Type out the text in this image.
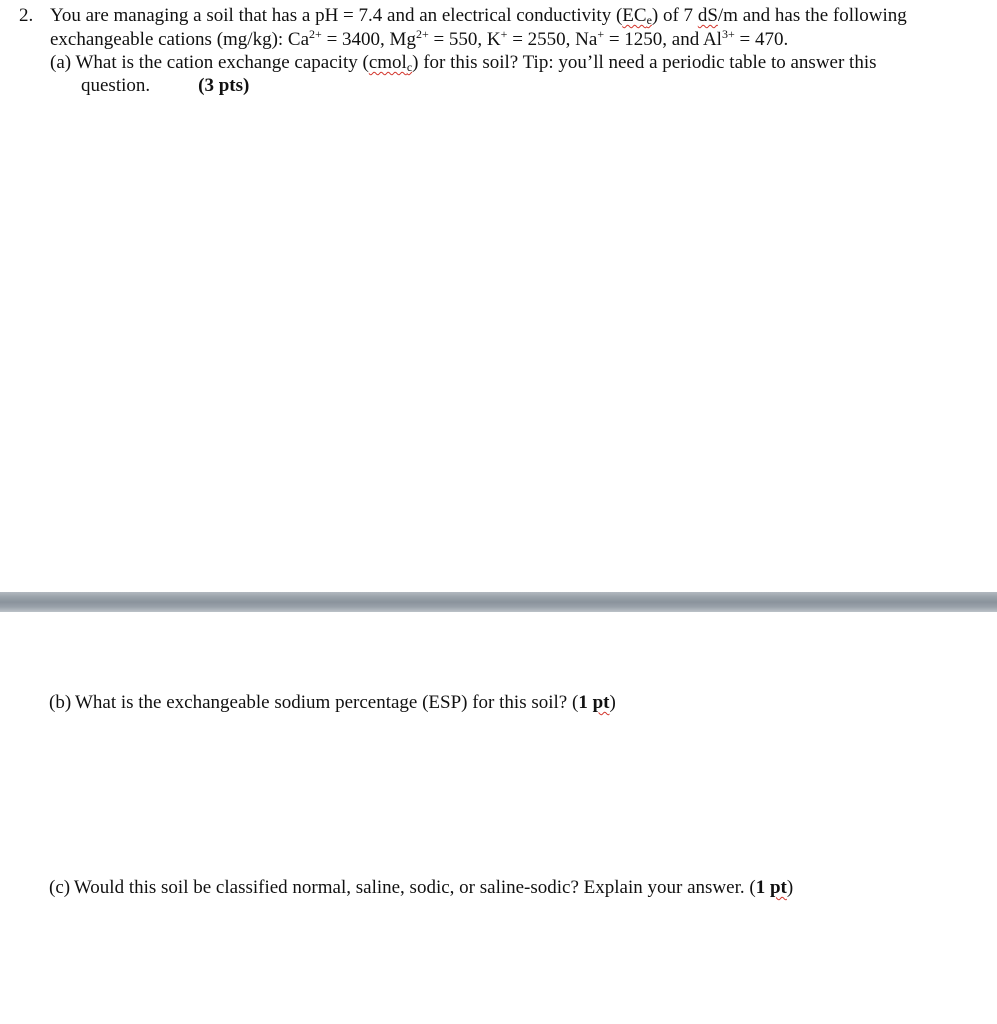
2. You are managing a soil that has a pH = 7.4 and an electrical conductivity $(EC_e)$ of 7 dS/m and has the following
exchangeable cations (mg/kg): $Ca^{2+} = 3400$, $Mg^{2+} = 550$, K+ = 2550, Na+ = 1250, and $Al^{3+} = 470$.
(a) What is the cation exchange capacity (cmol$_c$) for this soil? Tip: you’ll need a periodic table to answer this
question.	(3 pts)
(b) What is the exchangeable sodium percentage (ESP) for this soil? (1 pt)
(c) Would this soil be classified normal, saline, sodic, or saline-sodic? Explain your answer. (1 pt)
